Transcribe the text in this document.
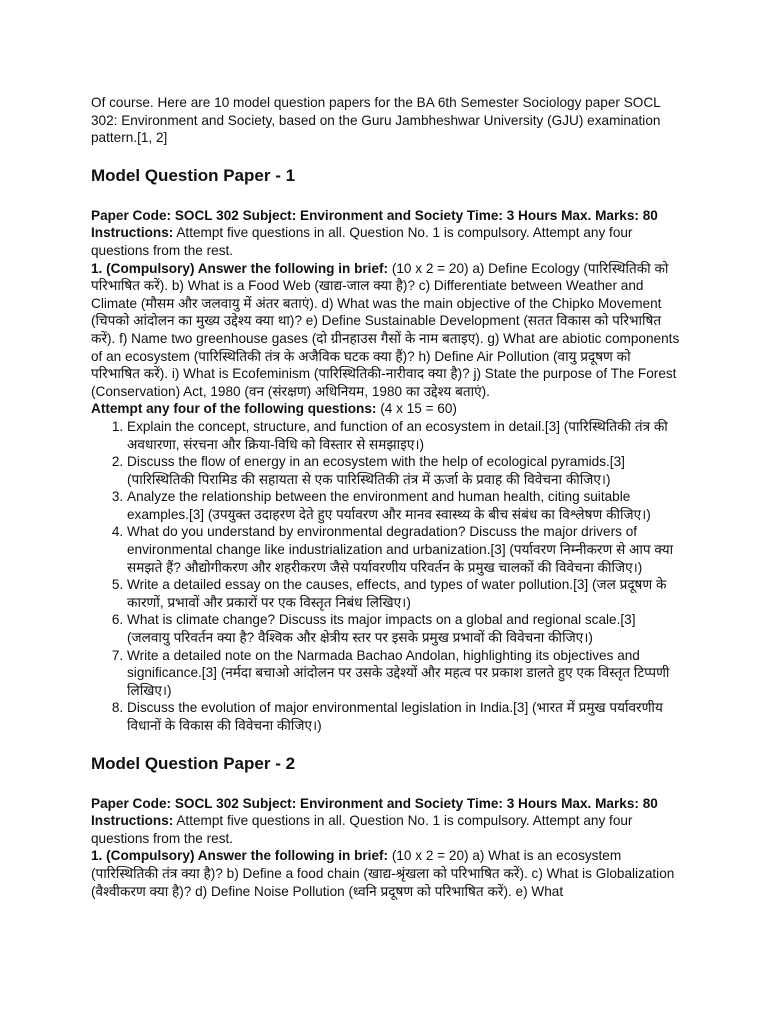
Of course. Here are 10 model question papers for the BA 6th Semester Sociology paper SOCL 302: Environment and Society, based on the Guru Jambheshwar University (GJU) examination pattern.[1, 2]

Model Question Paper - 1

Paper Code: SOCL 302 Subject: Environment and Society Time: 3 Hours Max. Marks: 80

Instructions: Attempt five questions in all. Question No. 1 is compulsory. Attempt any four questions from the rest.

1. (Compulsory) Answer the following in brief: (10 x 2 = 20) a) Define Ecology (पारिस्थितिकी को परिभाषित करें). b) What is a Food Web (खाद्य-जाल क्या है)? c) Differentiate between Weather and Climate (मौसम और जलवायु में अंतर बताएं). d) What was the main objective of the Chipko Movement (चिपको आंदोलन का मुख्य उद्देश्य क्या था)? e) Define Sustainable Development (सतत विकास को परिभाषित करें). f) Name two greenhouse gases (दो ग्रीनहाउस गैसों के नाम बताइए). g) What are abiotic components of an ecosystem (पारिस्थितिकी तंत्र के अजैविक घटक क्या हैं)? h) Define Air Pollution (वायु प्रदूषण को परिभाषित करें). i) What is Ecofeminism (पारिस्थितिकी-नारीवाद क्या है)? j) State the purpose of The Forest (Conservation) Act, 1980 (वन (संरक्षण) अधिनियम, 1980 का उद्देश्य बताएं).

Attempt any four of the following questions: (4 x 15 = 60)

1. Explain the concept, structure, and function of an ecosystem in detail.[3] (पारिस्थितिकी तंत्र की अवधारणा, संरचना और क्रिया-विधि को विस्तार से समझाइए।)
2. Discuss the flow of energy in an ecosystem with the help of ecological pyramids.[3] (पारिस्थितिकी पिरामिड की सहायता से एक पारिस्थितिकी तंत्र में ऊर्जा के प्रवाह की विवेचना कीजिए।)
3. Analyze the relationship between the environment and human health, citing suitable examples.[3] (उपयुक्त उदाहरण देते हुए पर्यावरण और मानव स्वास्थ्य के बीच संबंध का विश्लेषण कीजिए।)
4. What do you understand by environmental degradation? Discuss the major drivers of environmental change like industrialization and urbanization.[3] (पर्यावरण निम्नीकरण से आप क्या समझते हैं? औद्योगीकरण और शहरीकरण जैसे पर्यावरणीय परिवर्तन के प्रमुख चालकों की विवेचना कीजिए।)
5. Write a detailed essay on the causes, effects, and types of water pollution.[3] (जल प्रदूषण के कारणों, प्रभावों और प्रकारों पर एक विस्तृत निबंध लिखिए।)
6. What is climate change? Discuss its major impacts on a global and regional scale.[3] (जलवायु परिवर्तन क्या है? वैश्विक और क्षेत्रीय स्तर पर इसके प्रमुख प्रभावों की विवेचना कीजिए।)
7. Write a detailed note on the Narmada Bachao Andolan, highlighting its objectives and significance.[3] (नर्मदा बचाओ आंदोलन पर उसके उद्देश्यों और महत्व पर प्रकाश डालते हुए एक विस्तृत टिप्पणी लिखिए।)
8. Discuss the evolution of major environmental legislation in India.[3] (भारत में प्रमुख पर्यावरणीय विधानों के विकास की विवेचना कीजिए।)
Model Question Paper - 2

Paper Code: SOCL 302 Subject: Environment and Society Time: 3 Hours Max. Marks: 80

Instructions: Attempt five questions in all. Question No. 1 is compulsory. Attempt any four questions from the rest.

1. (Compulsory) Answer the following in brief: (10 x 2 = 20) a) What is an ecosystem (पारिस्थितिकी तंत्र क्या है)? b) Define a food chain (खाद्य-श्रृंखला को परिभाषित करें). c) What is Globalization (वैश्वीकरण क्या है)? d) Define Noise Pollution (ध्वनि प्रदूषण को परिभाषित करें). e) What
